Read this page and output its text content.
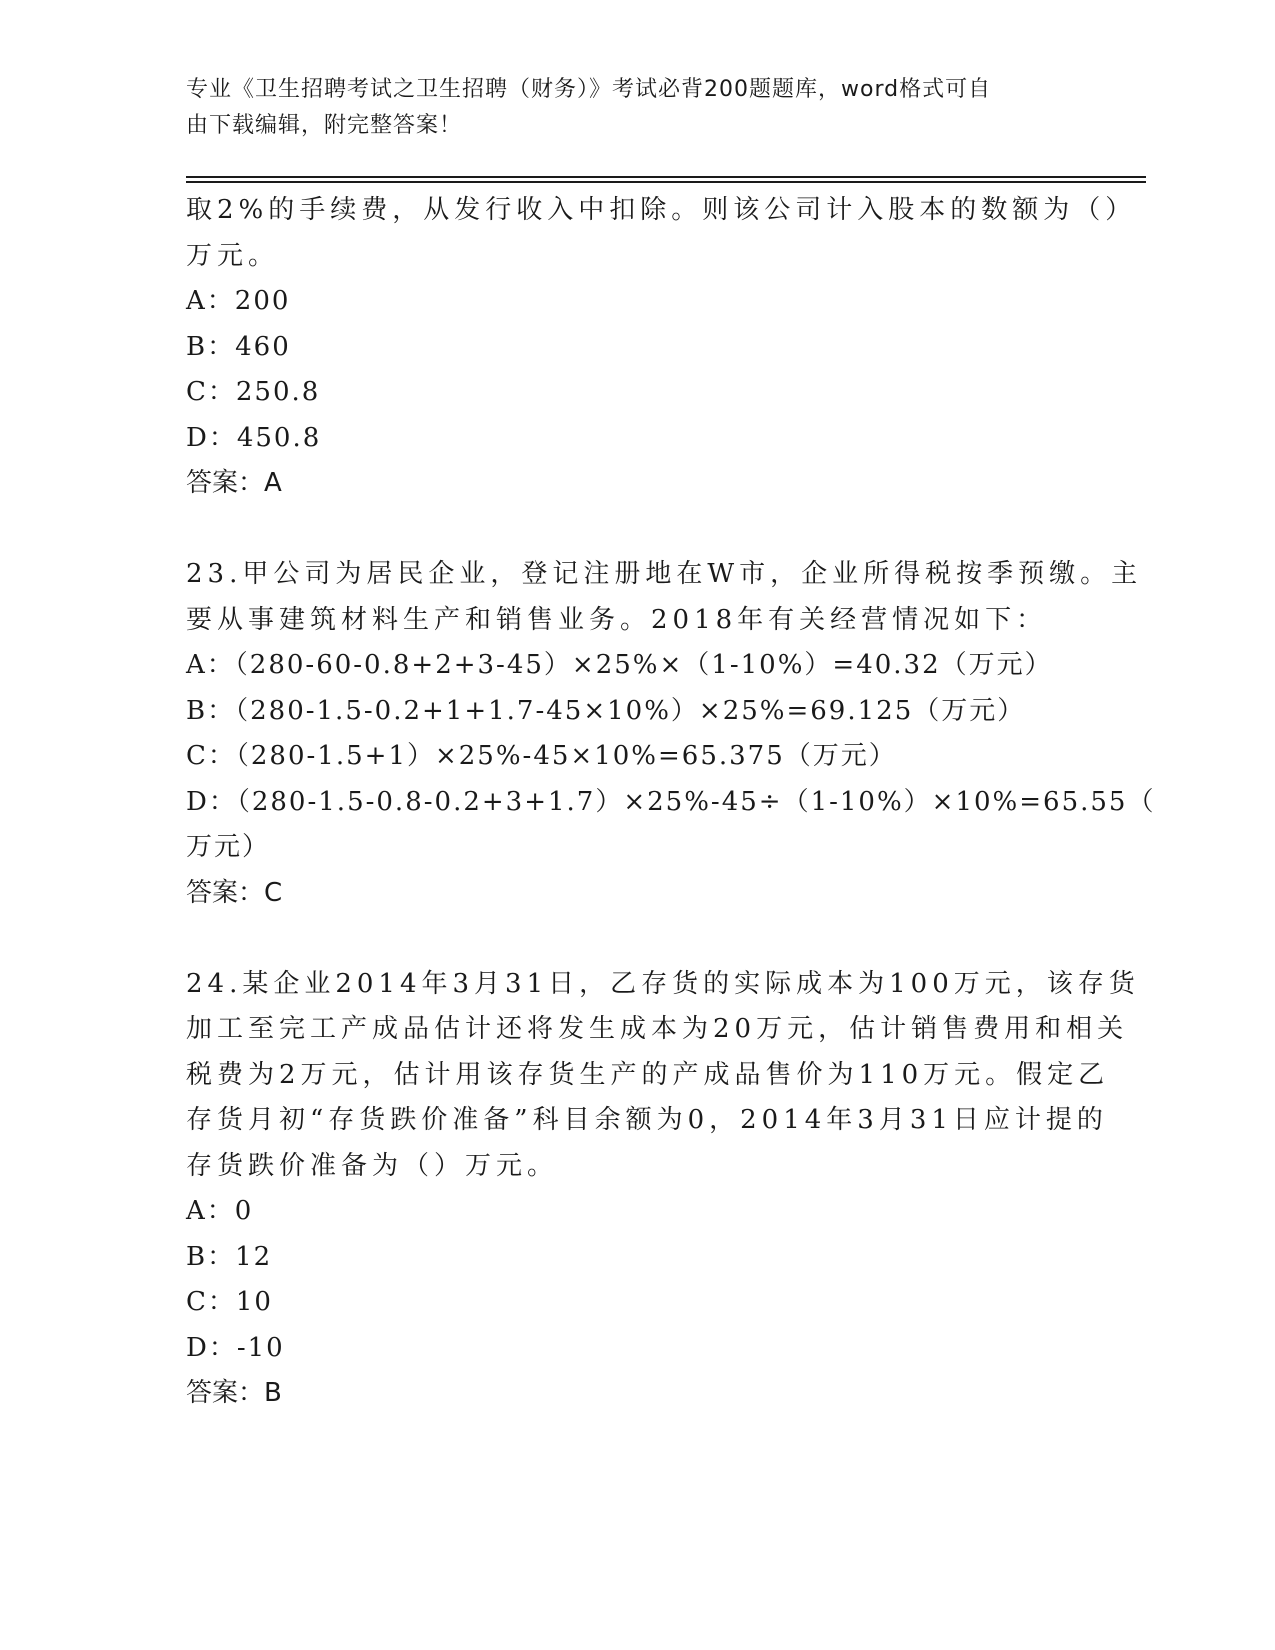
专业《卫生招聘考试之卫生招聘（财务）》考试必背200题题库，word格式可自
由下载编辑，附完整答案！
取2%的手续费，从发行收入中扣除。则该公司计入股本的数额为（）
万元。
A：200
B：460
C：250.8
D：450.8
答案：A
23.甲公司为居民企业，登记注册地在W市，企业所得税按季预缴。主
要从事建筑材料生产和销售业务。2018年有关经营情况如下：
A：（280-60-0.8+2+3-45）×25%×（1-10%）=40.32（万元）
B：（280-1.5-0.2+1+1.7-45×10%）×25%=69.125（万元）
C：（280-1.5+1）×25%-45×10%=65.375（万元）
D：（280-1.5-0.8-0.2+3+1.7）×25%-45÷（1-10%）×10%=65.55（
万元）
答案：C
24.某企业2014年3月31日，乙存货的实际成本为100万元，该存货
加工至完工产成品估计还将发生成本为20万元，估计销售费用和相关
税费为2万元，估计用该存货生产的产成品售价为110万元。假定乙
存货月初“存货跌价准备”科目余额为0，2014年3月31日应计提的
存货跌价准备为（）万元。
A：0
B：12
C：10
D：-10
答案：B
